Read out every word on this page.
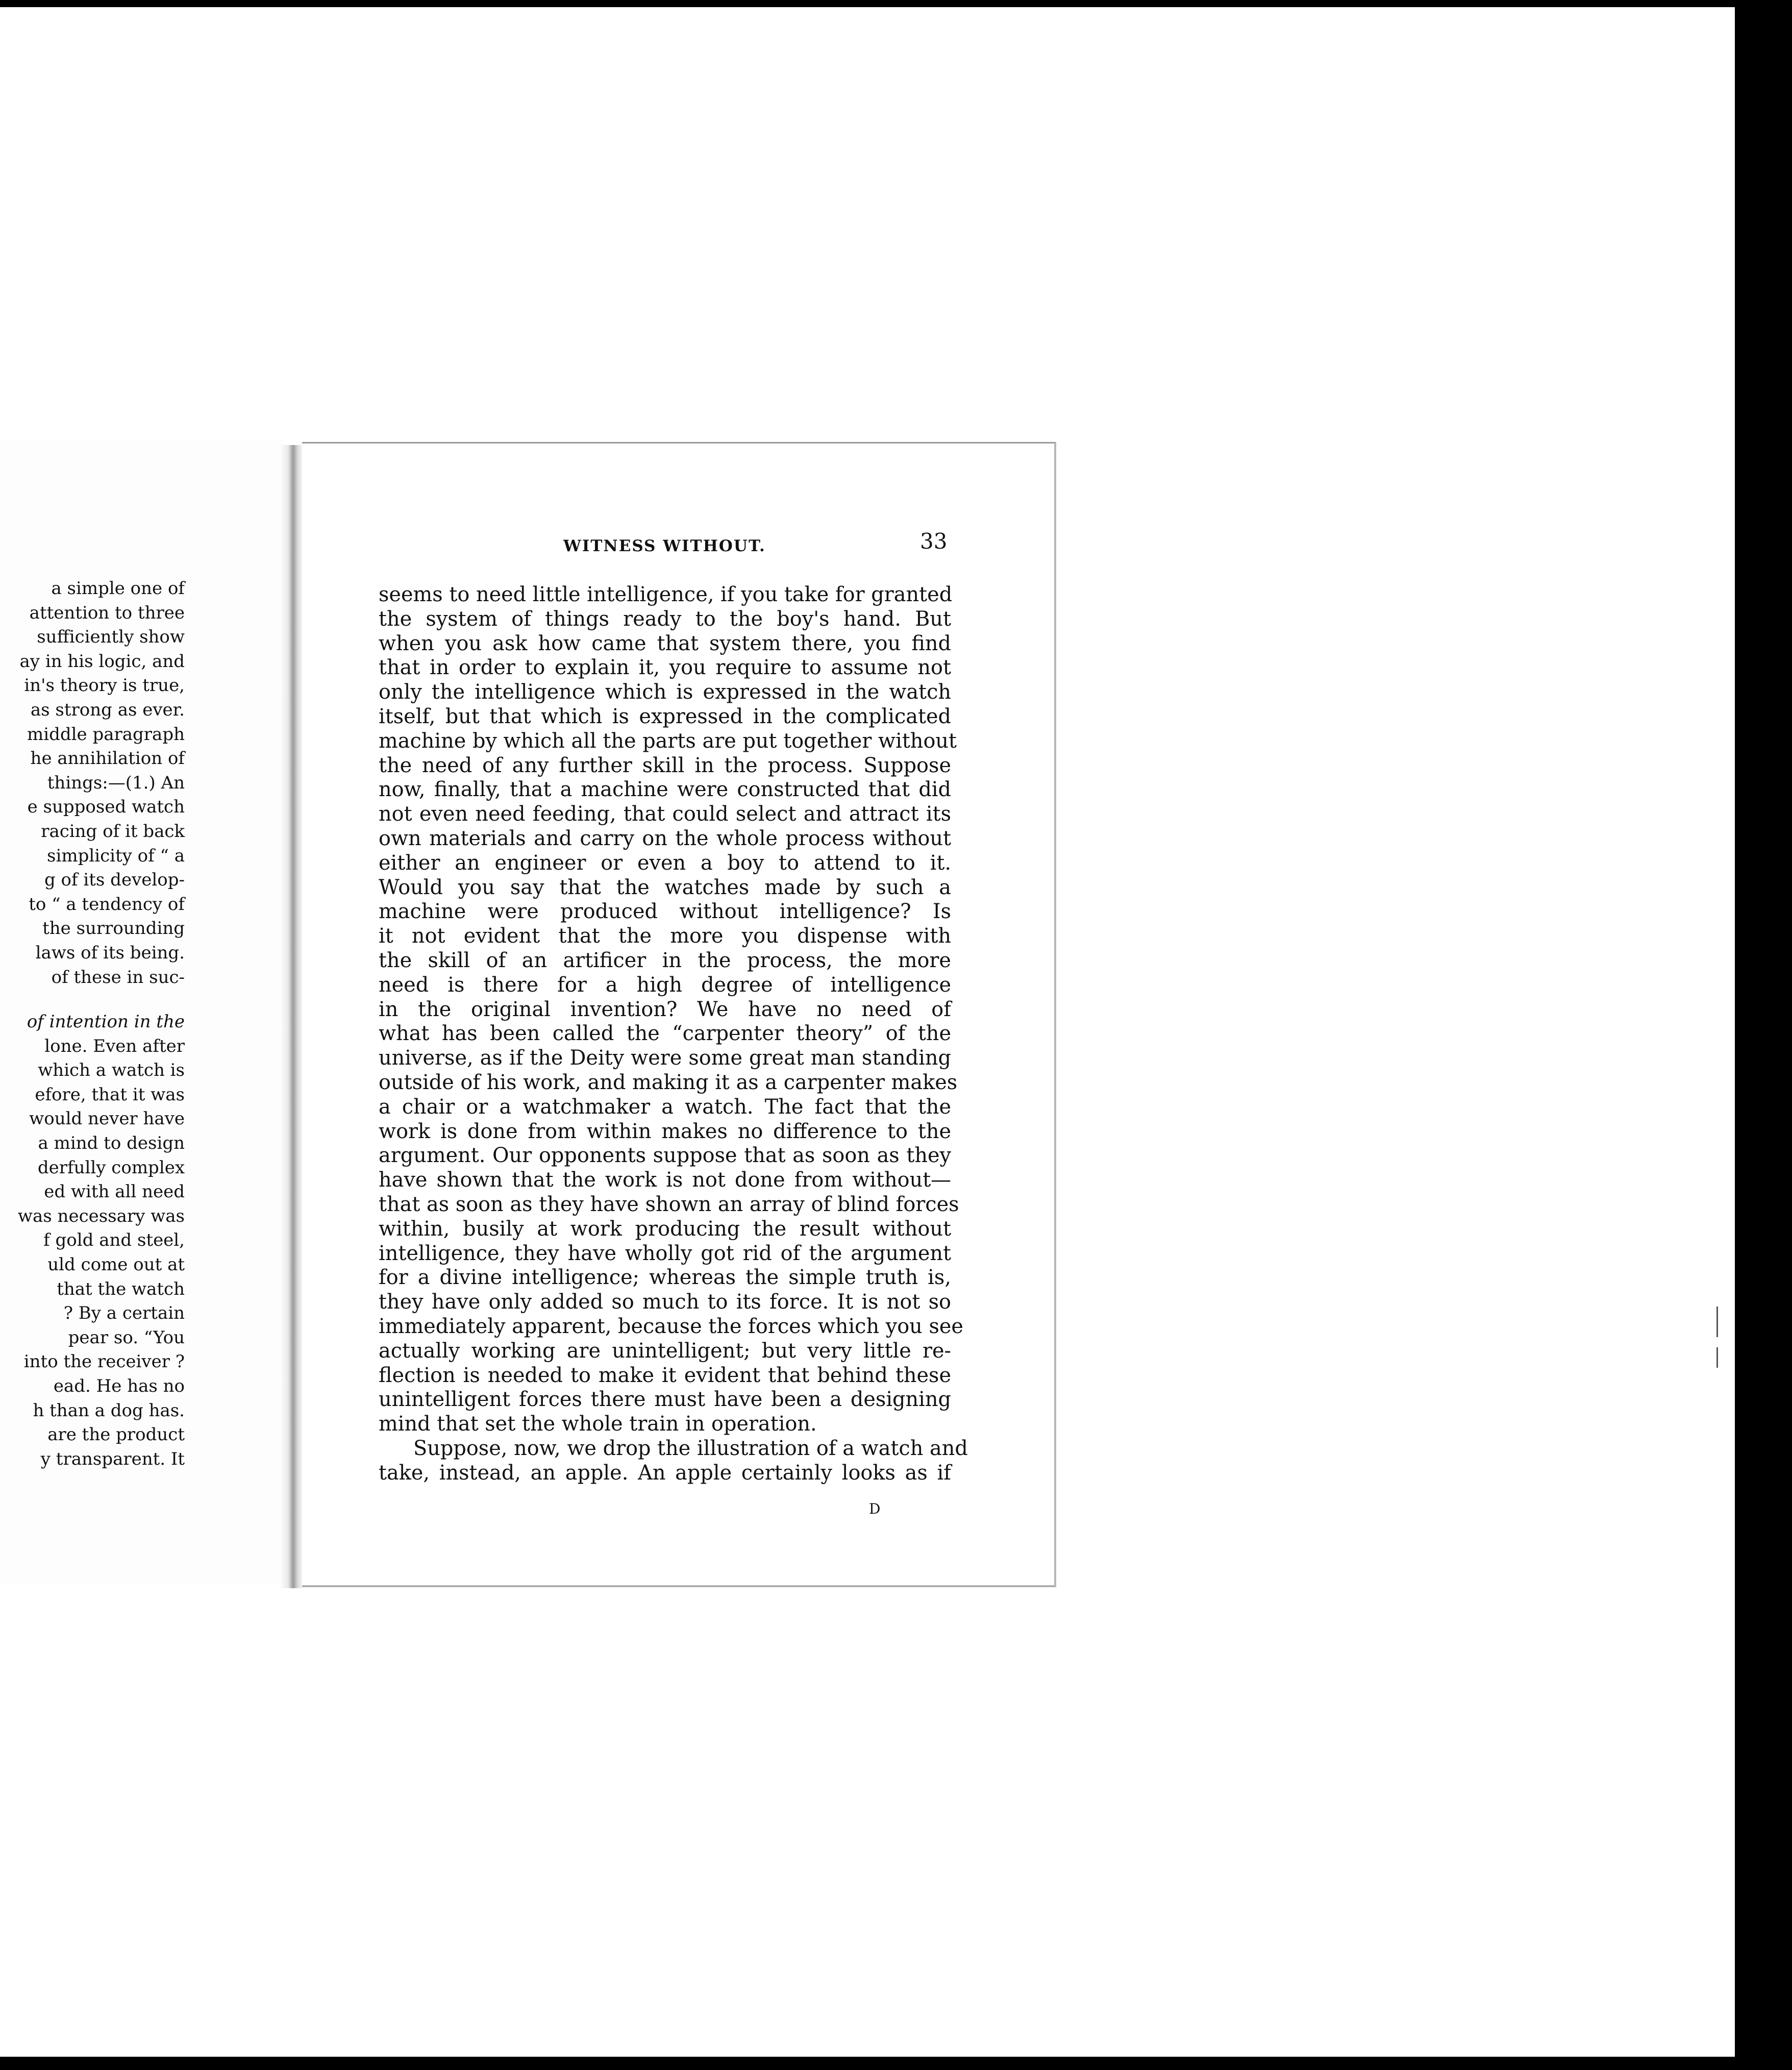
a simple one of
attention to three
sufficiently show
ay in his logic, and
in's theory is true,
as strong as ever.
middle paragraph
he annihilation of
things:—(1.) An
e supposed watch
racing of it back
simplicity of “ a
g of its develop-
to “ a tendency of
the surrounding
laws of its being.
of these in suc-
of intention in the
lone. Even after
which a watch is
efore, that it was
would never have
a mind to design
derfully complex
ed with all need
was necessary was
f gold and steel,
uld come out at
that the watch
? By a certain
pear so. “You
into the receiver ?
ead. He has no
h than a dog has.
are the product
y transparent. It
WITNESS WITHOUT.	33
seems to need little intelligence, if you take for granted
the system of things ready to the boy's hand. But
when you ask how came that system there, you find
that in order to explain it, you require to assume not
only the intelligence which is expressed in the watch
itself, but that which is expressed in the complicated
machine by which all the parts are put together without
the need of any further skill in the process. Suppose
now, finally, that a machine were constructed that did
not even need feeding, that could select and attract its
own materials and carry on the whole process without
either an engineer or even a boy to attend to it.
Would you say that the watches made by such a
machine were produced without intelligence? Is
it not evident that the more you dispense with
the skill of an artificer in the process, the more
need is there for a high degree of intelligence
in the original invention? We have no need of
what has been called the “carpenter theory” of the
universe, as if the Deity were some great man standing
outside of his work, and making it as a carpenter makes
a chair or a watchmaker a watch. The fact that the
work is done from within makes no difference to the
argument. Our opponents suppose that as soon as they
have shown that the work is not done from without—
that as soon as they have shown an array of blind forces
within, busily at work producing the result without
intelligence, they have wholly got rid of the argument
for a divine intelligence; whereas the simple truth is,
they have only added so much to its force. It is not so
immediately apparent, because the forces which you see
actually working are unintelligent; but very little re-
flection is needed to make it evident that behind these
unintelligent forces there must have been a designing
mind that set the whole train in operation.
Suppose, now, we drop the illustration of a watch and
take, instead, an apple. An apple certainly looks as if
D
